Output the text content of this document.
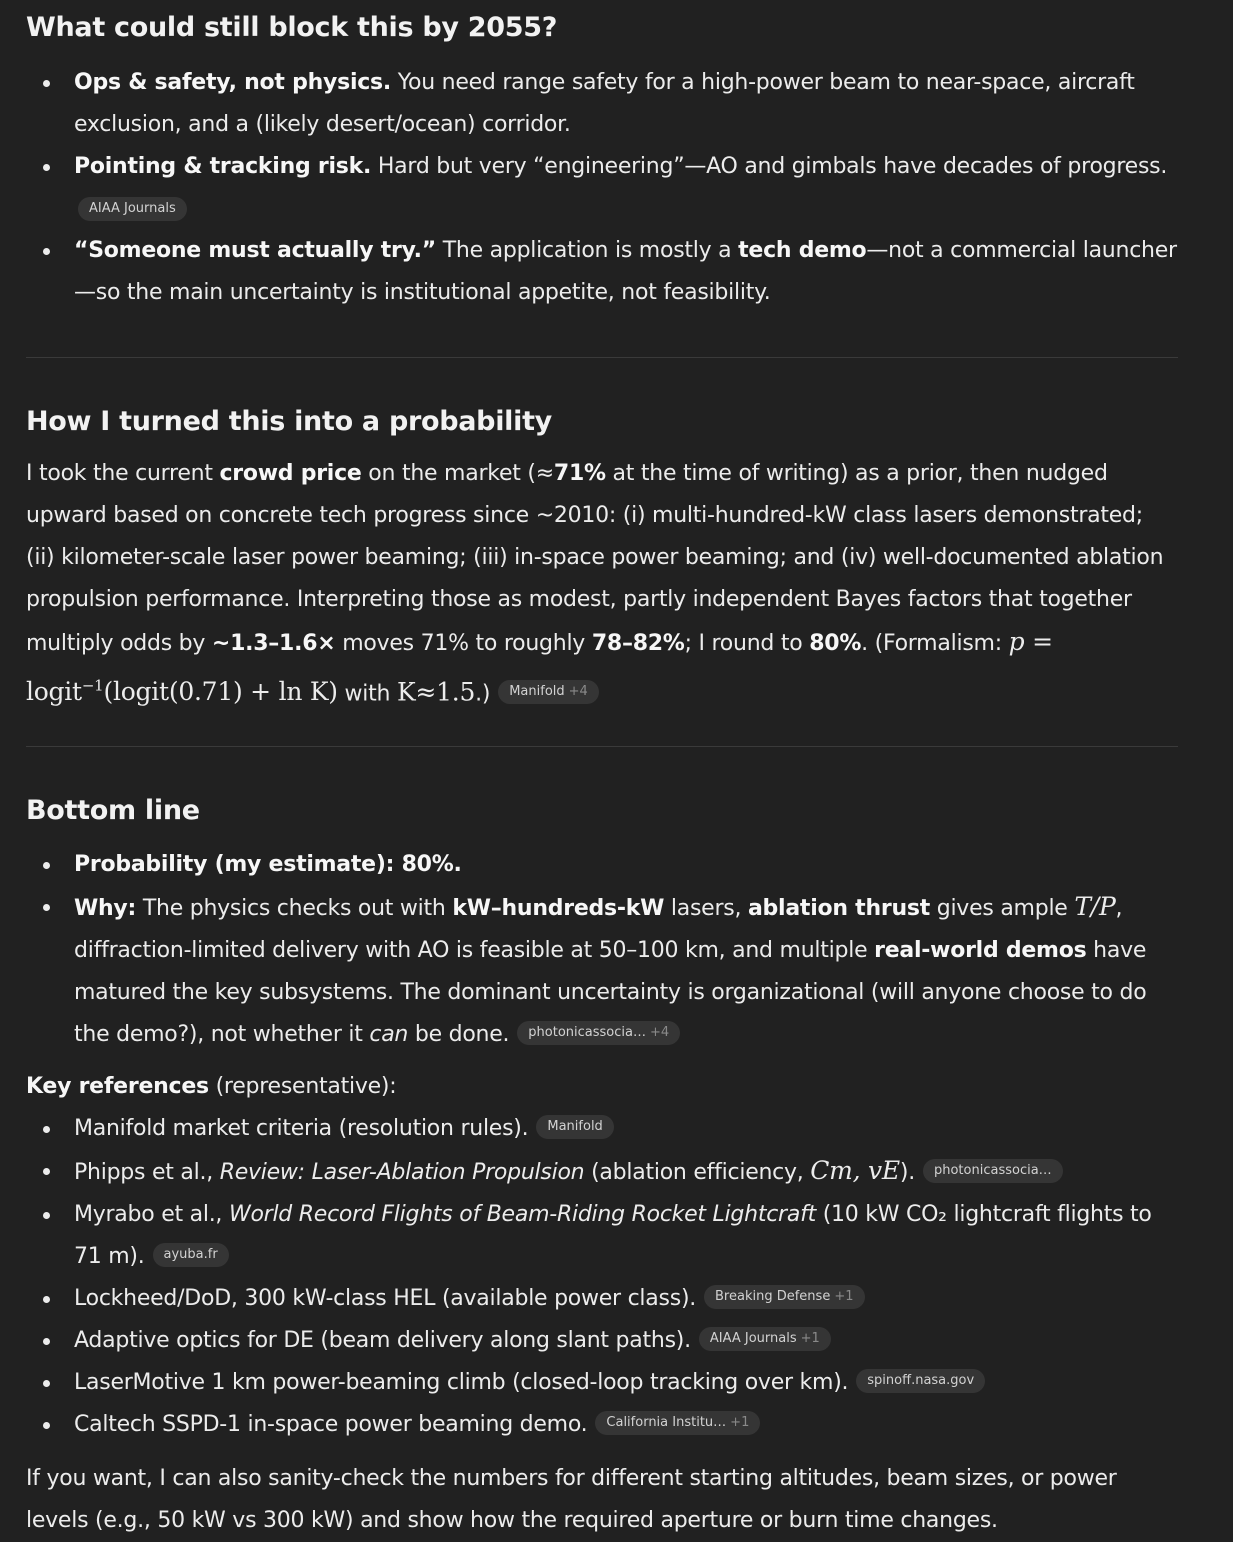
What could still block this by 2055?
Ops & safety, not physics. You need range safety for a high-power beam to near-space, aircraft exclusion, and a (likely desert/ocean) corridor.
Pointing & tracking risk. Hard but very “engineering”—AO and gimbals have decades of progress.
AIAA Journals
“Someone must actually try.” The application is mostly a tech demo—not a commercial launcher—so the main uncertainty is institutional appetite, not feasibility.
How I turned this into a probability

I took the current crowd price on the market (≈71% at the time of writing) as a prior, then nudged upward based on concrete tech progress since ~2010: (i) multi-hundred-kW class lasers demonstrated; (ii) kilometer-scale laser power beaming; (iii) in-space power beaming; and (iv) well-documented ablation propulsion performance. Interpreting those as modest, partly independent Bayes factors that together multiply odds by ~1.3–1.6× moves 71% to roughly 78–82%; I round to 80%. (Formalism: p =
logit$^{-1}$(logit(0.71) + ln K) with K≈1.5.) Manifold +4

Bottom line
Probability (my estimate): 80%.
Why: The physics checks out with kW–hundreds-kW lasers, ablation thrust gives ample T/P, diffraction-limited delivery with AO is feasible at 50–100 km, and multiple real-world demos have matured the key subsystems. The dominant uncertainty is organizational (will anyone choose to do the demo?), not whether it can be done. photonicassocia… +4

Key references (representative):

Manifold market criteria (resolution rules). Manifold
Phipps et al., Review: Laser-Ablation Propulsion (ablation efficiency, Cm, vE). photonicassocia…
Myrabo et al., World Record Flights of Beam-Riding Rocket Lightcraft (10 kW CO₂ lightcraft flights to 71 m). ayuba.fr
Lockheed/DoD, 300 kW-class HEL (available power class). Breaking Defense +1
Adaptive optics for DE (beam delivery along slant paths). AIAA Journals +1
LaserMotive 1 km power-beaming climb (closed-loop tracking over km). spinoff.nasa.gov
Caltech SSPD-1 in-space power beaming demo. California Institu… +1

If you want, I can also sanity-check the numbers for different starting altitudes, beam sizes, or power levels (e.g., 50 kW vs 300 kW) and show how the required aperture or burn time changes.
